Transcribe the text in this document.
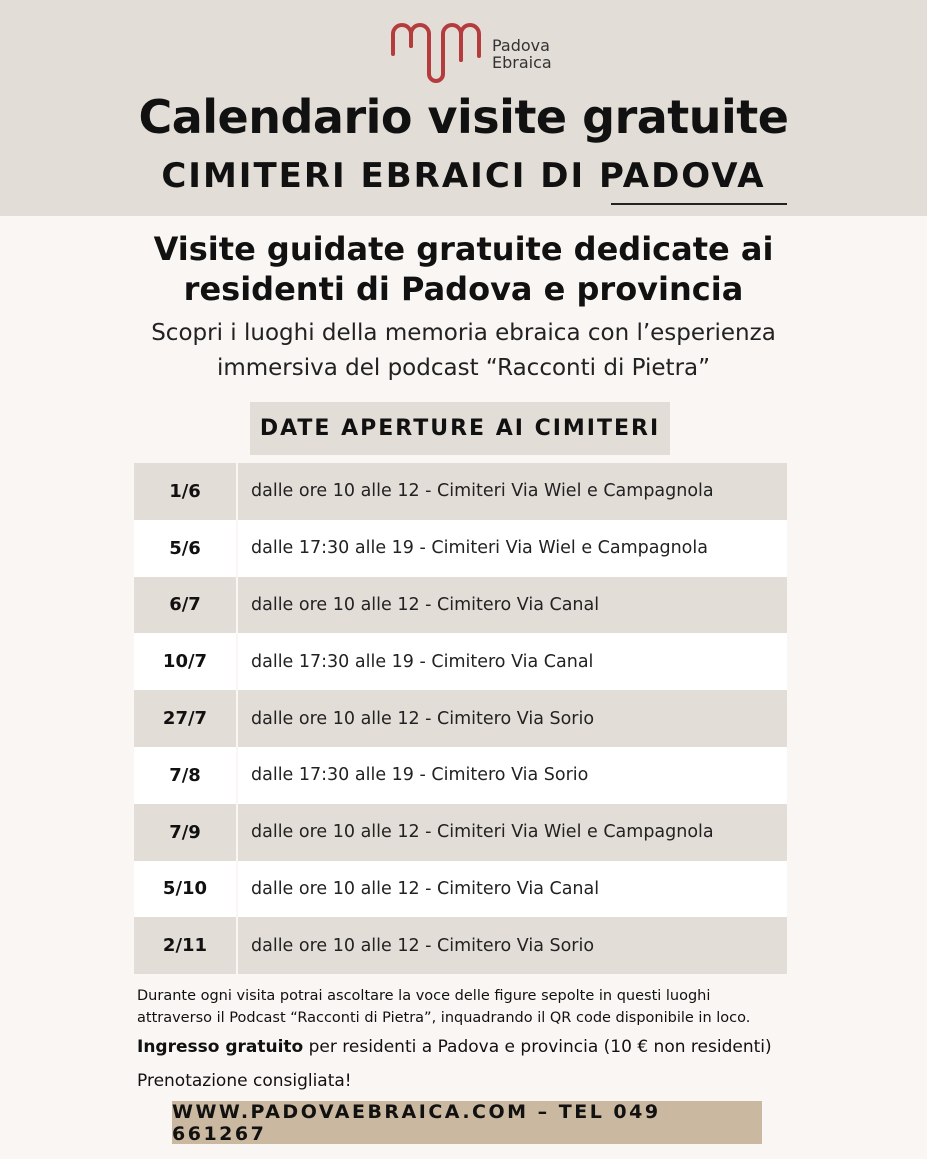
Padova
Ebraica
Calendario visite gratuite
CIMITERI EBRAICI DI PADOVA
Visite guidate gratuite dedicate ai
residenti di Padova e provincia
Scopri i luoghi della memoria ebraica con l’esperienza
immersiva del podcast “Racconti di Pietra”
DATE APERTURE AI CIMITERI
1/6	dalle ore 10 alle 12 - Cimiteri Via Wiel e Campagnola
5/6	dalle 17:30 alle 19 - Cimiteri Via Wiel e Campagnola
6/7	dalle ore 10 alle 12 - Cimitero Via Canal
10/7	dalle 17:30 alle 19 - Cimitero Via Canal
27/7	dalle ore 10 alle 12 - Cimitero Via Sorio
7/8	dalle 17:30 alle 19 - Cimitero Via Sorio
7/9	dalle ore 10 alle 12 - Cimiteri Via Wiel e Campagnola
5/10	dalle ore 10 alle 12 - Cimitero Via Canal
2/11	dalle ore 10 alle 12 - Cimitero Via Sorio
Durante ogni visita potrai ascoltare la voce delle figure sepolte in questi luoghi
attraverso il Podcast “Racconti di Pietra”, inquadrando il QR code disponibile in loco.
Ingresso gratuito per residenti a Padova e provincia (10 € non residenti)
Prenotazione consigliata!
WWW.PADOVAEBRAICA.COM – TEL 049 661267
